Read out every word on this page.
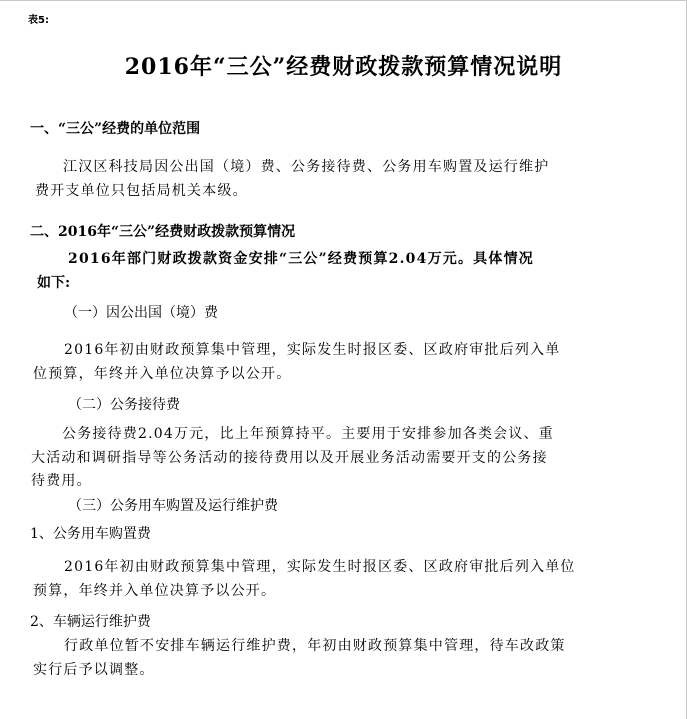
表5:
2016年“三公”经费财政拨款预算情况说明
一、“三公”经费的单位范围
江汉区科技局因公出国（境）费、公务接待费、公务用车购置及运行维护
费开支单位只包括局机关本级。
二、2016年“三公”经费财政拨款预算情况
2016年部门财政拨款资金安排“三公”经费预算2.04万元。具体情况
如下:
（一）因公出国（境）费
2016年初由财政预算集中管理，实际发生时报区委、区政府审批后列入单
位预算，年终并入单位决算予以公开。
（二）公务接待费
公务接待费2.04万元，比上年预算持平。主要用于安排参加各类会议、重
大活动和调研指导等公务活动的接待费用以及开展业务活动需要开支的公务接
待费用。
（三）公务用车购置及运行维护费
1、公务用车购置费
2016年初由财政预算集中管理，实际发生时报区委、区政府审批后列入单位
预算，年终并入单位决算予以公开。
2、车辆运行维护费
行政单位暂不安排车辆运行维护费，年初由财政预算集中管理，待车改政策
实行后予以调整。
